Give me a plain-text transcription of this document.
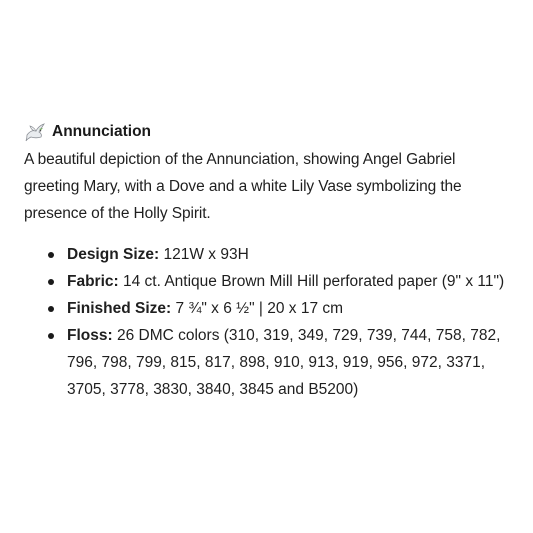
Annunciation

A beautiful depiction of the Annunciation, showing Angel Gabriel greeting Mary, with a Dove and a white Lily Vase symbolizing the presence of the Holly Spirit.

Design Size: 121W x 93H
Fabric: 14 ct. Antique Brown Mill Hill perforated paper (9" x 11")
Finished Size: 7 ¾" x 6 ½" | 20 x 17 cm
Floss: 26 DMC colors (310, 319, 349, 729, 739, 744, 758, 782, 796, 798, 799, 815, 817, 898, 910, 913, 919, 956, 972, 3371, 3705, 3778, 3830, 3840, 3845 and B5200)
